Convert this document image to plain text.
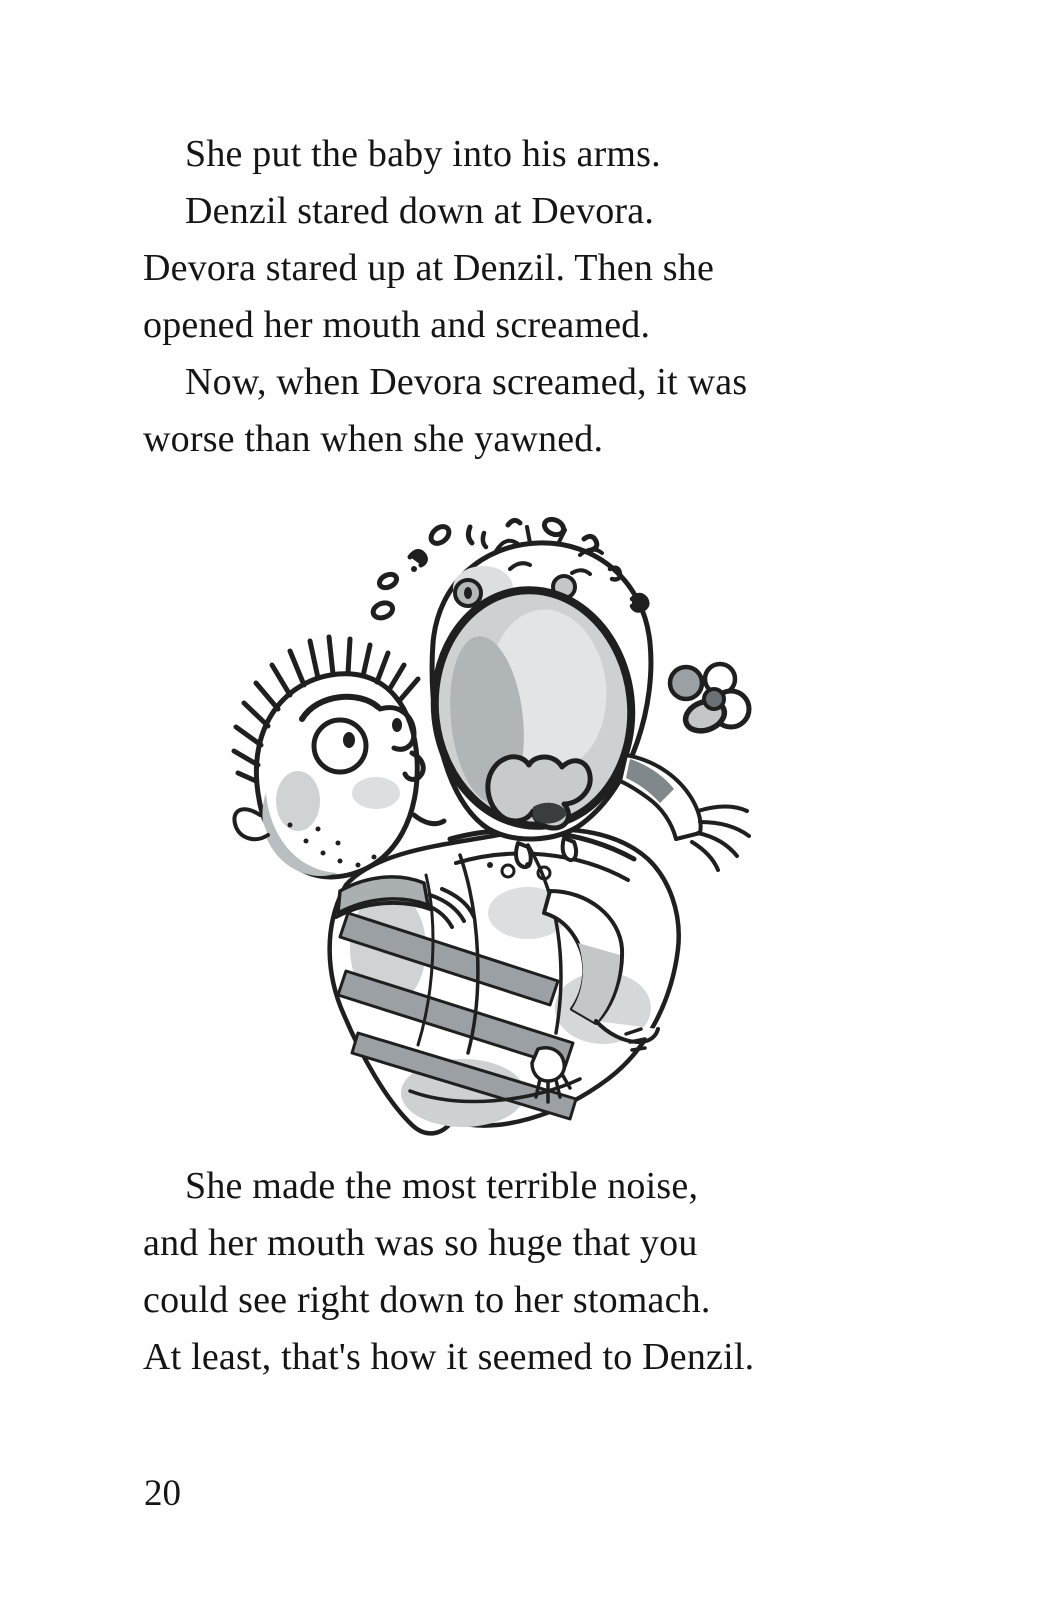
She put the baby into his arms.
Denzil stared down at Devora.
Devora stared up at Denzil. Then she
opened her mouth and screamed.
Now, when Devora screamed, it was
worse than when she yawned.
She made the most terrible noise,
and her mouth was so huge that you
could see right down to her stomach.
At least, that's how it seemed to Denzil.
20
